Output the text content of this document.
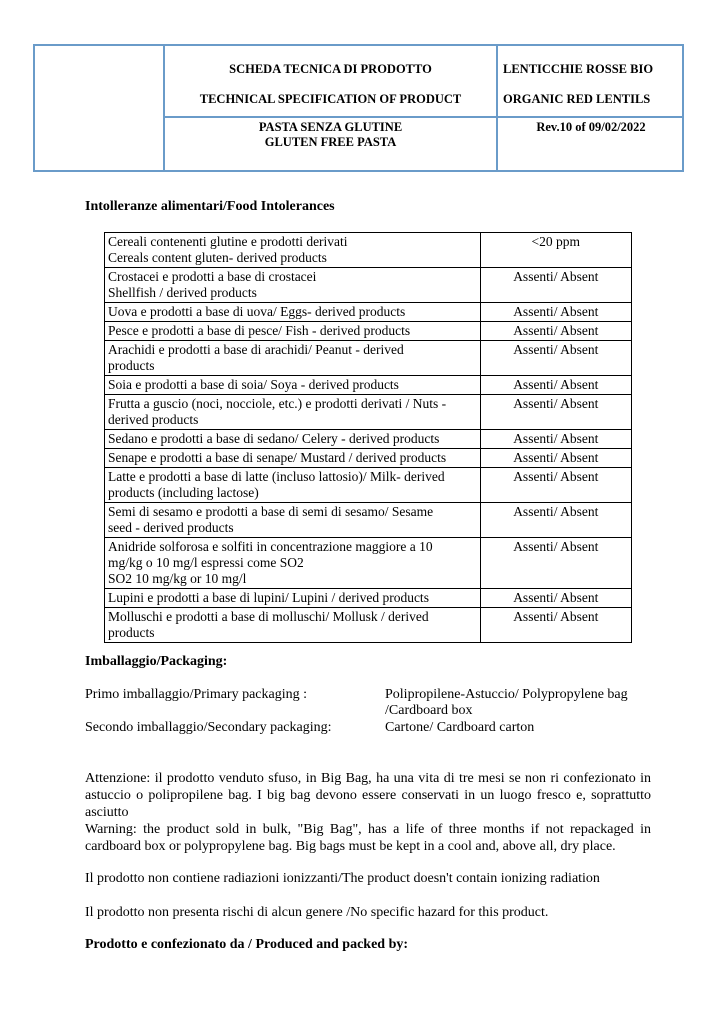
SCHEDA TECNICA DI PRODOTTO
TECHNICAL SPECIFICATION OF PRODUCT
LENTICCHIE ROSSE BIO
ORGANIC RED LENTILS
PASTA SENZA GLUTINE
GLUTEN FREE PASTA
Rev.10 of 09/02/2022
Intolleranze alimentari/Food Intolerances
Cereali contenenti glutine e prodotti derivati
Cereals content gluten- derived products	<20 ppm

Crostacei e prodotti a base di crostacei
Shellfish / derived products	Assenti/ Absent

Uova e prodotti a base di uova/ Eggs- derived products	Assenti/ Absent

Pesce e prodotti a base di pesce/ Fish - derived products	Assenti/ Absent

Arachidi e prodotti a base di arachidi/ Peanut - derived
products	Assenti/ Absent

Soia e prodotti a base di soia/ Soya - derived products	Assenti/ Absent

Frutta a guscio (noci, nocciole, etc.) e prodotti derivati / Nuts -
derived products	Assenti/ Absent

Sedano e prodotti a base di sedano/ Celery - derived products	Assenti/ Absent

Senape e prodotti a base di senape/ Mustard / derived products	Assenti/ Absent

Latte e prodotti a base di latte (incluso lattosio)/ Milk- derived
products (including lactose)	Assenti/ Absent

Semi di sesamo e prodotti a base di semi di sesamo/ Sesame
seed - derived products	Assenti/ Absent

Anidride solforosa e solfiti in concentrazione maggiore a 10
mg/kg o 10 mg/l espressi come SO2
SO2 10 mg/kg or 10 mg/l	Assenti/ Absent

Lupini e prodotti a base di lupini/ Lupini / derived products	Assenti/ Absent

Molluschi e prodotti a base di molluschi/ Mollusk / derived
products	Assenti/ Absent
Imballaggio/Packaging:
Primo imballaggio/Primary packaging :	Polipropilene-Astuccio/ Polypropylene bag
/Cardboard box
Secondo imballaggio/Secondary packaging:	Cartone/ Cardboard carton

Attenzione: il prodotto venduto sfuso, in Big Bag, ha una vita di tre mesi se non ri confezionato in astuccio o polipropilene bag. I big bag devono essere conservati in un luogo fresco e, soprattutto asciutto

Warning: the product sold in bulk, "Big Bag", has a life of three months if not repackaged in cardboard box or polypropylene bag. Big bags must be kept in a cool and, above all, dry place.

Il prodotto non contiene radiazioni ionizzanti/The product doesn't contain ionizing radiation
Il prodotto non presenta rischi di alcun genere /No specific hazard for this product.
Prodotto e confezionato da / Produced and packed by:
